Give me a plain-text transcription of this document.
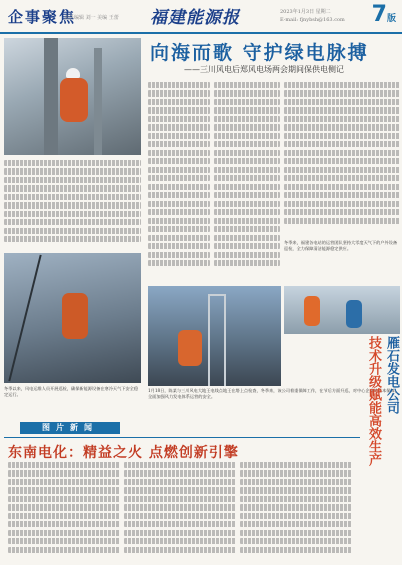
企事聚焦
责任编辑 刘一 美编 王蕾 福建能源报	2023年1月3日 星期二
E-mail: fjnybsh@163.com 7版
向海而歌 守护绿电脉搏
——三川风电后郑风电场两会期间保供电侧记
冬季来，福建各电站的运营团队坚持大零度天气下的户外设备巡检，全力保障清洁能源稳定供应。
冬季以来，风电运维人员开展巡检，确保新能源设备在寒冷天气下安全稳定运行。
1月18日，陈某与三川风电大地王电线点地王在塔上点检查，冬季来，该公司着重保障工作，在节后方面升巡，对中心企业的基本保障，全面加强风力发电体系运营的安全。
图片新闻
东南电化：精益之火 点燃创新引擎
雁石发电公司
技术升级赋能高效生产
